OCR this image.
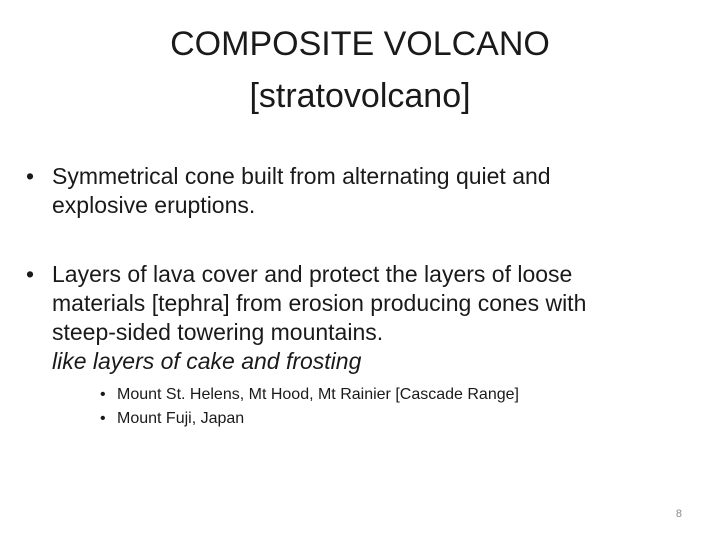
COMPOSITE VOLCANO
[stratovolcano]
• Symmetrical cone built from alternating quiet and
explosive eruptions.
• Layers of lava cover and protect the layers of loose
materials [tephra] from erosion producing cones with
steep-sided towering mountains.
like layers of cake and frosting
• Mount St. Helens, Mt Hood, Mt Rainier [Cascade Range]
• Mount Fuji, Japan
8
